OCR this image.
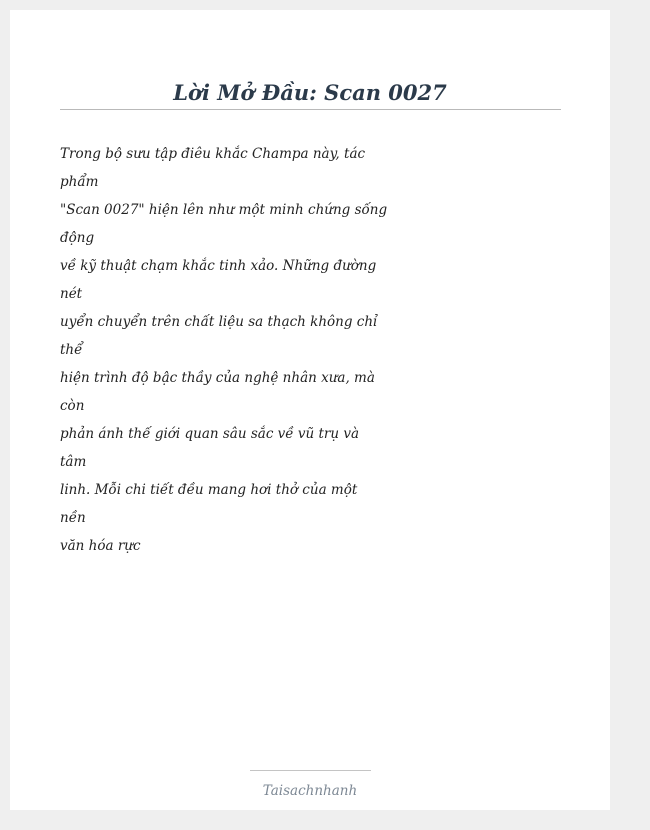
Lời Mở Đầu: Scan 0027
Trong bộ sưu tập điêu khắc Champa này, tác
phẩm
"Scan 0027" hiện lên như một minh chứng sống
động
về kỹ thuật chạm khắc tinh xảo. Những đường
nét
uyển chuyển trên chất liệu sa thạch không chỉ
thể
hiện trình độ bậc thầy của nghệ nhân xưa, mà
còn
phản ánh thế giới quan sâu sắc về vũ trụ và
tâm
linh. Mỗi chi tiết đều mang hơi thở của một
nền
văn hóa rực
Taisachnhanh
